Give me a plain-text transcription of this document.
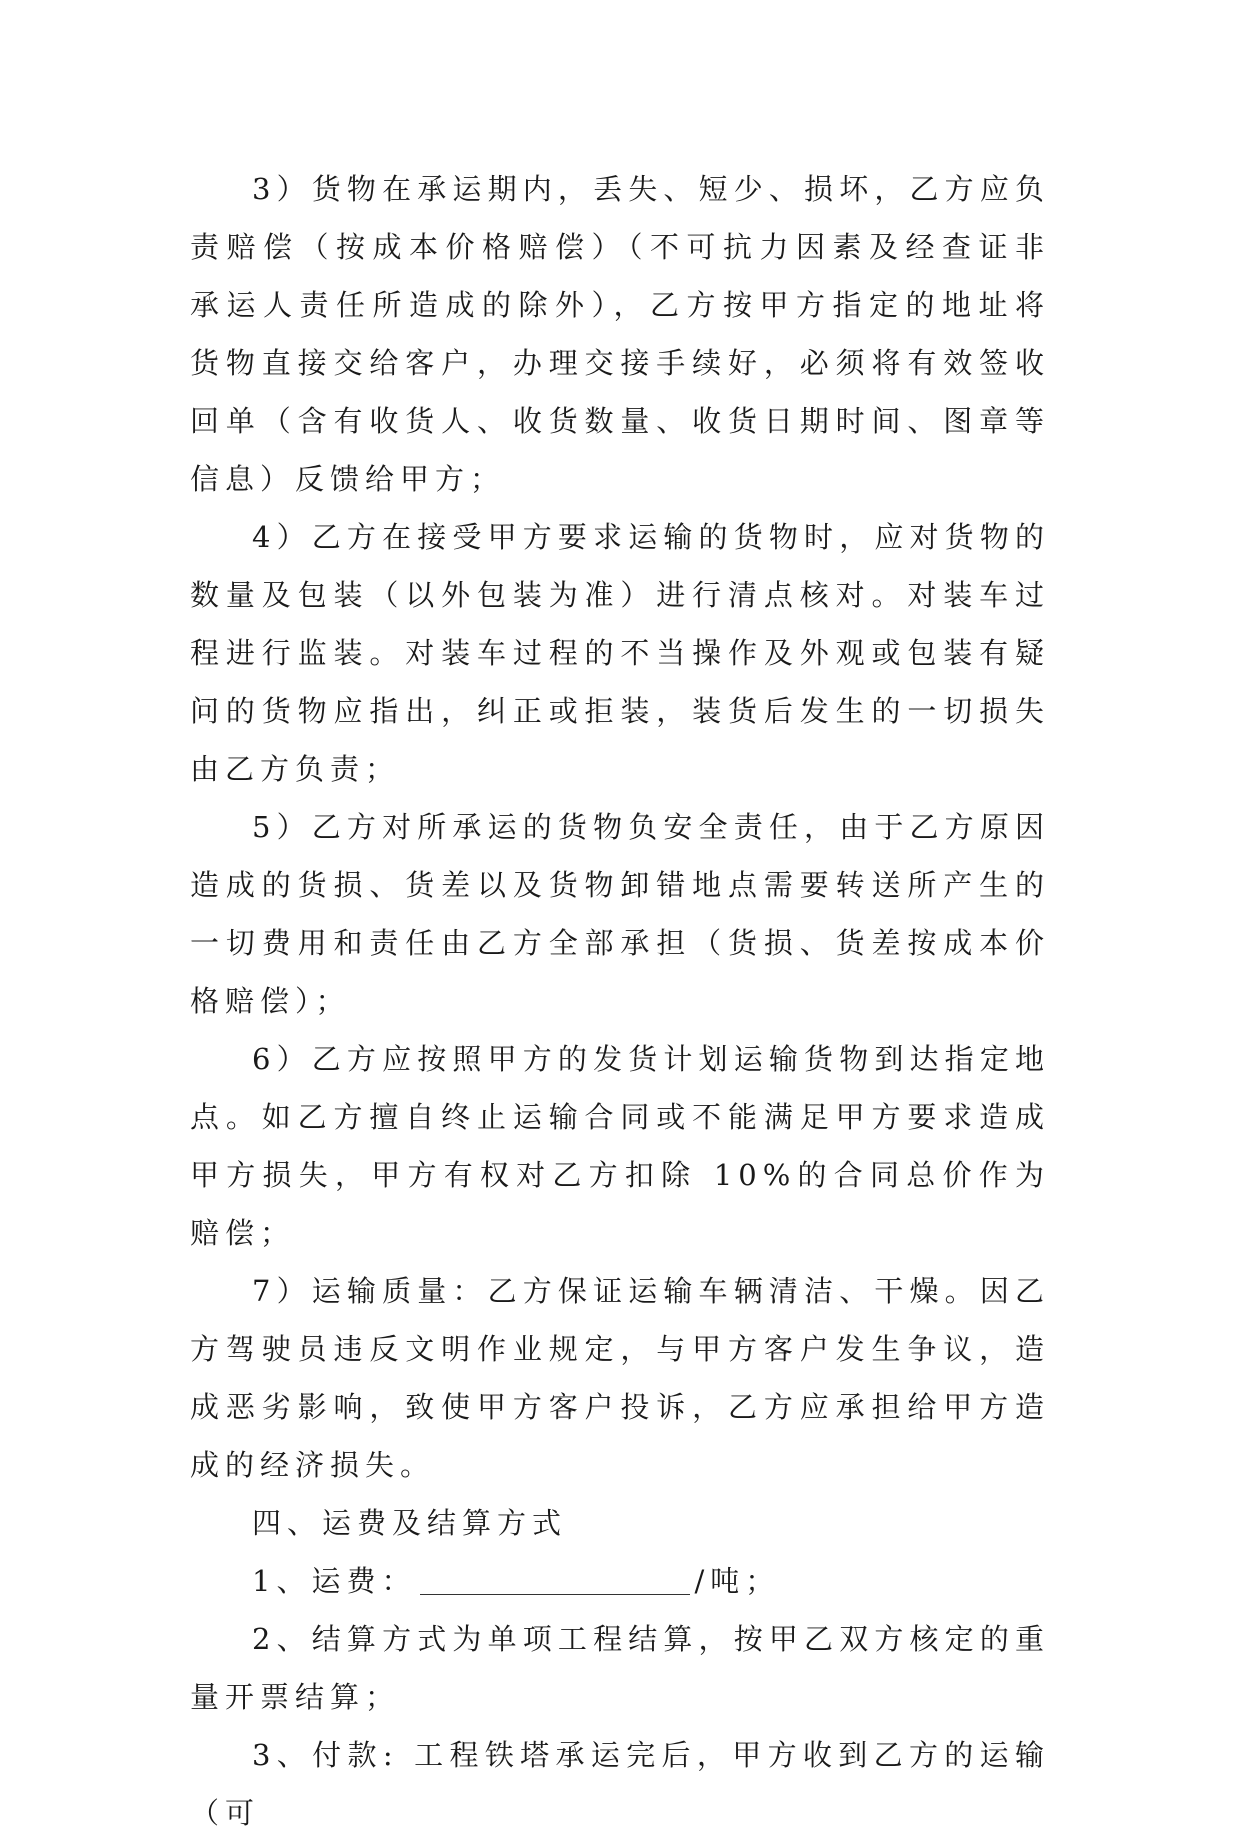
3）货物在承运期内，丢失、短少、损坏，乙方应负责赔偿（按成本价格赔偿）（不可抗力因素及经查证非承运人责任所造成的除外），乙方按甲方指定的地址将货物直接交给客户，办理交接手续好，必须将有效签收回单（含有收货人、收货数量、收货日期时间、图章等信息）反馈给甲方；

4）乙方在接受甲方要求运输的货物时，应对货物的数量及包装（以外包装为准）进行清点核对。对装车过程进行监装。对装车过程的不当操作及外观或包装有疑问的货物应指出，纠正或拒装，装货后发生的一切损失由乙方负责；

5）乙方对所承运的货物负安全责任，由于乙方原因造成的货损、货差以及货物卸错地点需要转送所产生的一切费用和责任由乙方全部承担（货损、货差按成本价格赔偿）；

6）乙方应按照甲方的发货计划运输货物到达指定地点。如乙方擅自终止运输合同或不能满足甲方要求造成甲方损失，甲方有权对乙方扣除 10%的合同总价作为赔偿；

7）运输质量：乙方保证运输车辆清洁、干燥。因乙方驾驶员违反文明作业规定，与甲方客户发生争议，造成恶劣影响，致使甲方客户投诉，乙方应承担给甲方造成的经济损失。

四、运费及结算方式

1、运费：	/吨；

2、结算方式为单项工程结算，按甲乙双方核定的重量开票结算；

3、付款: 工程铁塔承运完后，甲方收到乙方的运输（可
